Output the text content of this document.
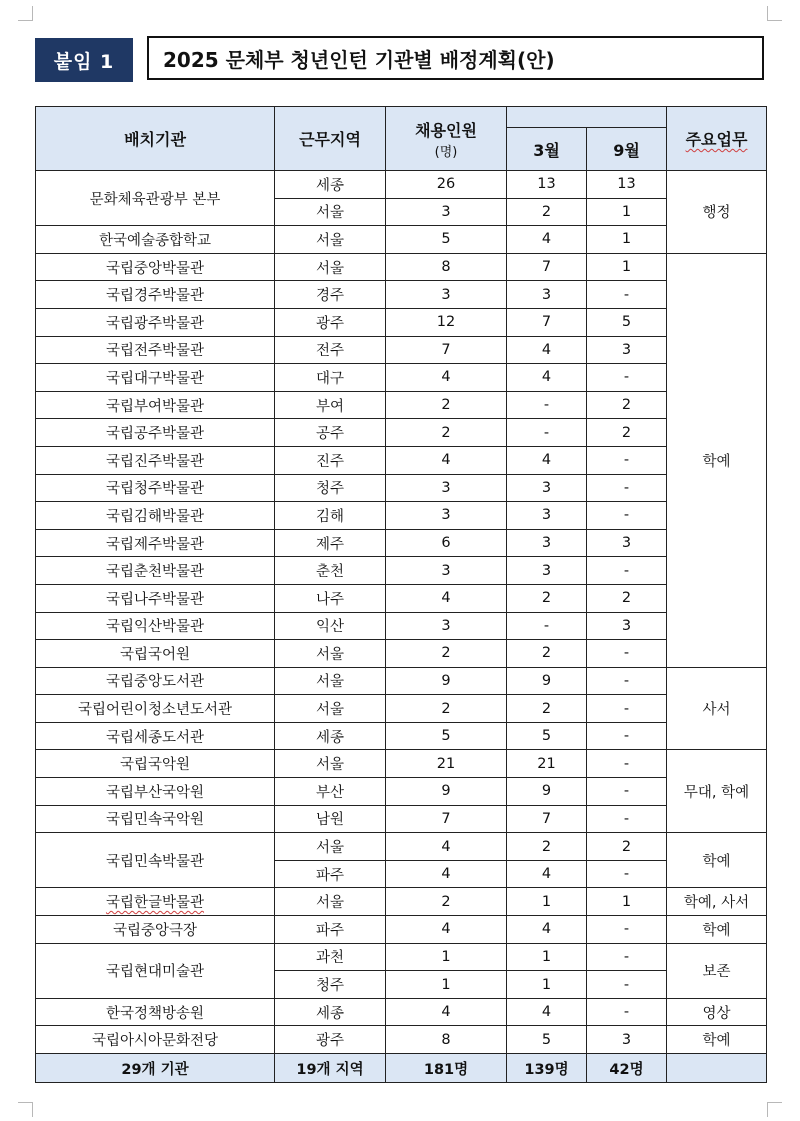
붙임 1	2025 문체부 청년인턴 기관별 배정계획(안)
배치기관	근무지역	채용인원
(명)			주요업무
			3월	9월	
문화체육관광부 본부	세종	26	13	13	행정
	서울	3	2	1	
한국예술종합학교	서울	5	4	1	
국립중앙박물관	서울	8	7	1	학예
국립경주박물관	경주	3	3	-	
국립광주박물관	광주	12	7	5	
국립전주박물관	전주	7	4	3	
국립대구박물관	대구	4	4	-	
국립부여박물관	부여	2	-	2	
국립공주박물관	공주	2	-	2	
국립진주박물관	진주	4	4	-	
국립청주박물관	청주	3	3	-	
국립김해박물관	김해	3	3	-	
국립제주박물관	제주	6	3	3	
국립춘천박물관	춘천	3	3	-	
국립나주박물관	나주	4	2	2	
국립익산박물관	익산	3	-	3	
국립국어원	서울	2	2	-	
국립중앙도서관	서울	9	9	-	사서
국립어린이청소년도서관	서울	2	2	-	
국립세종도서관	세종	5	5	-	
국립국악원	서울	21	21	-	무대, 학예
국립부산국악원	부산	9	9	-	
국립민속국악원	남원	7	7	-	
국립민속박물관	서울	4	2	2	학예
	파주	4	4	-	
국립한글박물관	서울	2	1	1	학예, 사서
국립중앙극장	파주	4	4	-	학예
국립현대미술관	과천	1	1	-	보존
	청주	1	1	-	
한국정책방송원	세종	4	4	-	영상
국립아시아문화전당	광주	8	5	3	학예
29개 기관	19개 지역	181명	139명	42명	
